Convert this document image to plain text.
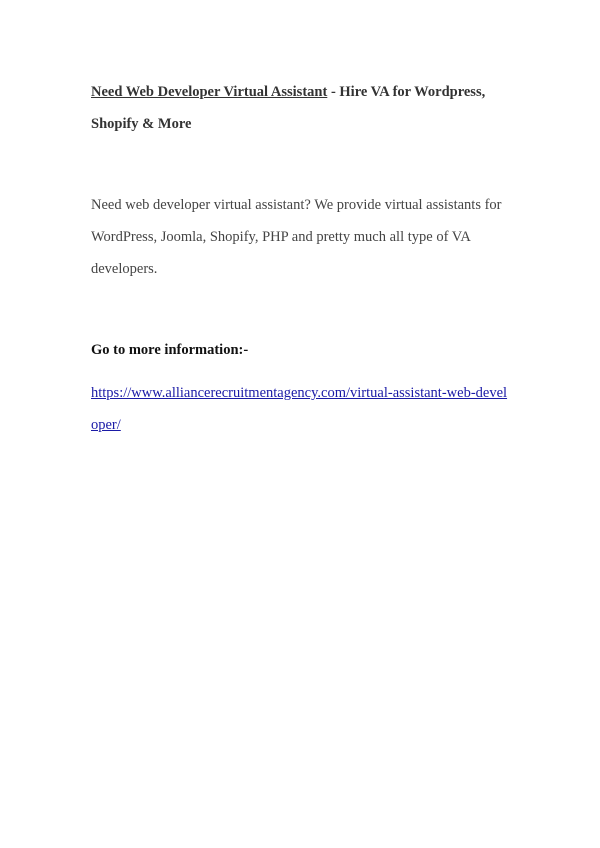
Need Web Developer Virtual Assistant - Hire VA for Wordpress, Shopify & More
Need web developer virtual assistant? We provide virtual assistants for WordPress, Joomla, Shopify, PHP and pretty much all type of VA developers.
Go to more information:-
https://www.alliancerecruitmentagency.com/virtual-assistant-web-developer/
